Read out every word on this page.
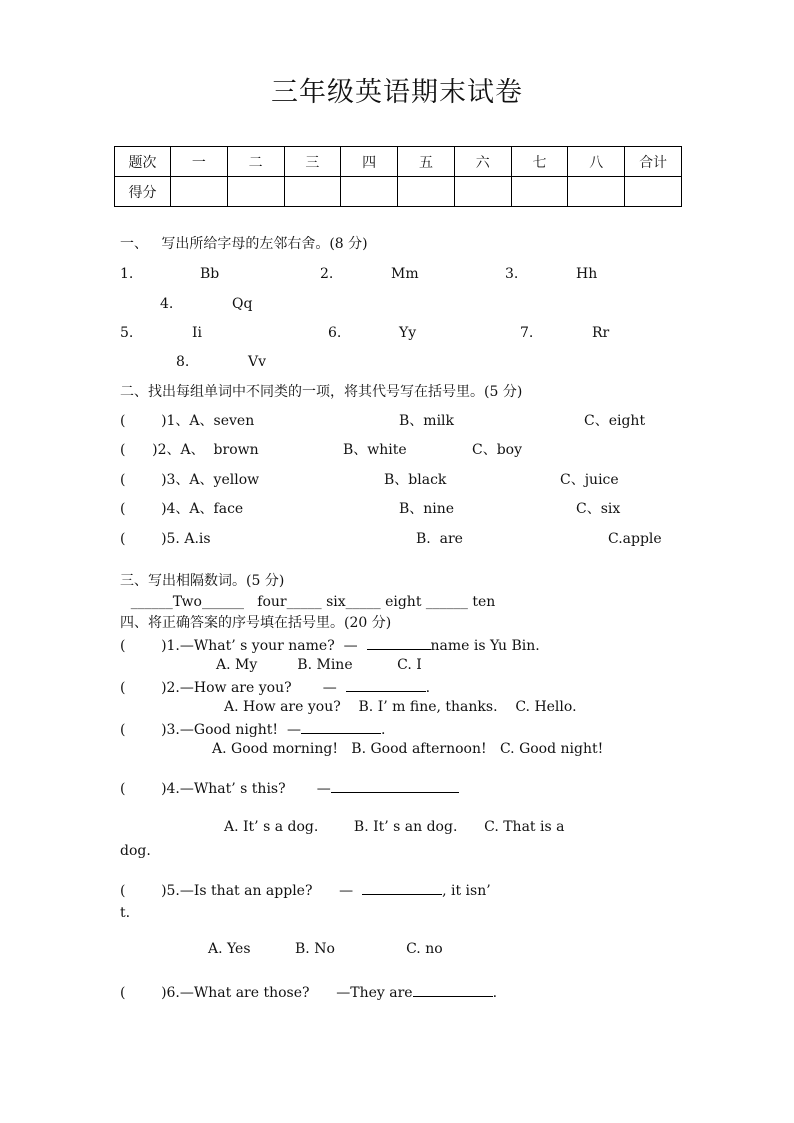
三年级英语期末试卷
题次	一	二	三	四	五	六	七	八	合计
得分									
一、   写出所给字母的左邻右舍。(8 分)
1.	Bb	2.	Mm	3.	Hh
4.	Qq
5.	Ii	6.	Yy	7.	Rr
8.	Vv
二、找出每组单词中不同类的一项，将其代号写在括号里。(5 分)
(        )1、A、seven	B、milk	C、eight
(      )2、A、  brown	B、white	C、boy
(        )3、A、yellow	B、black	C、juice
(        )4、A、face	B、nine	C、six
(        )5. A.is	B.  are	C.apple
三、写出相隔数词。(5 分)
______Two______   four_____ six_____ eight ______ ten
四、将正确答案的序号填在括号里。(20 分)
(        )1.—What’ s your name?  —	name is Yu Bin.
A. My         B. Mine          C. I
(        )2.—How are you?       —	.
A. How are you?    B. I’ m fine, thanks.    C. Hello.
(        )3.—Good night!  —	.
A. Good morning!   B. Good afternoon!   C. Good night!
(        )4.—What’ s this?       —
A. It’ s a dog.        B. It’ s an dog.      C. That is a
dog.
(        )5.—Is that an apple?      —	, it isn’
t.
A. Yes          B. No                C. no
(        )6.—What are those?      —They are	.
